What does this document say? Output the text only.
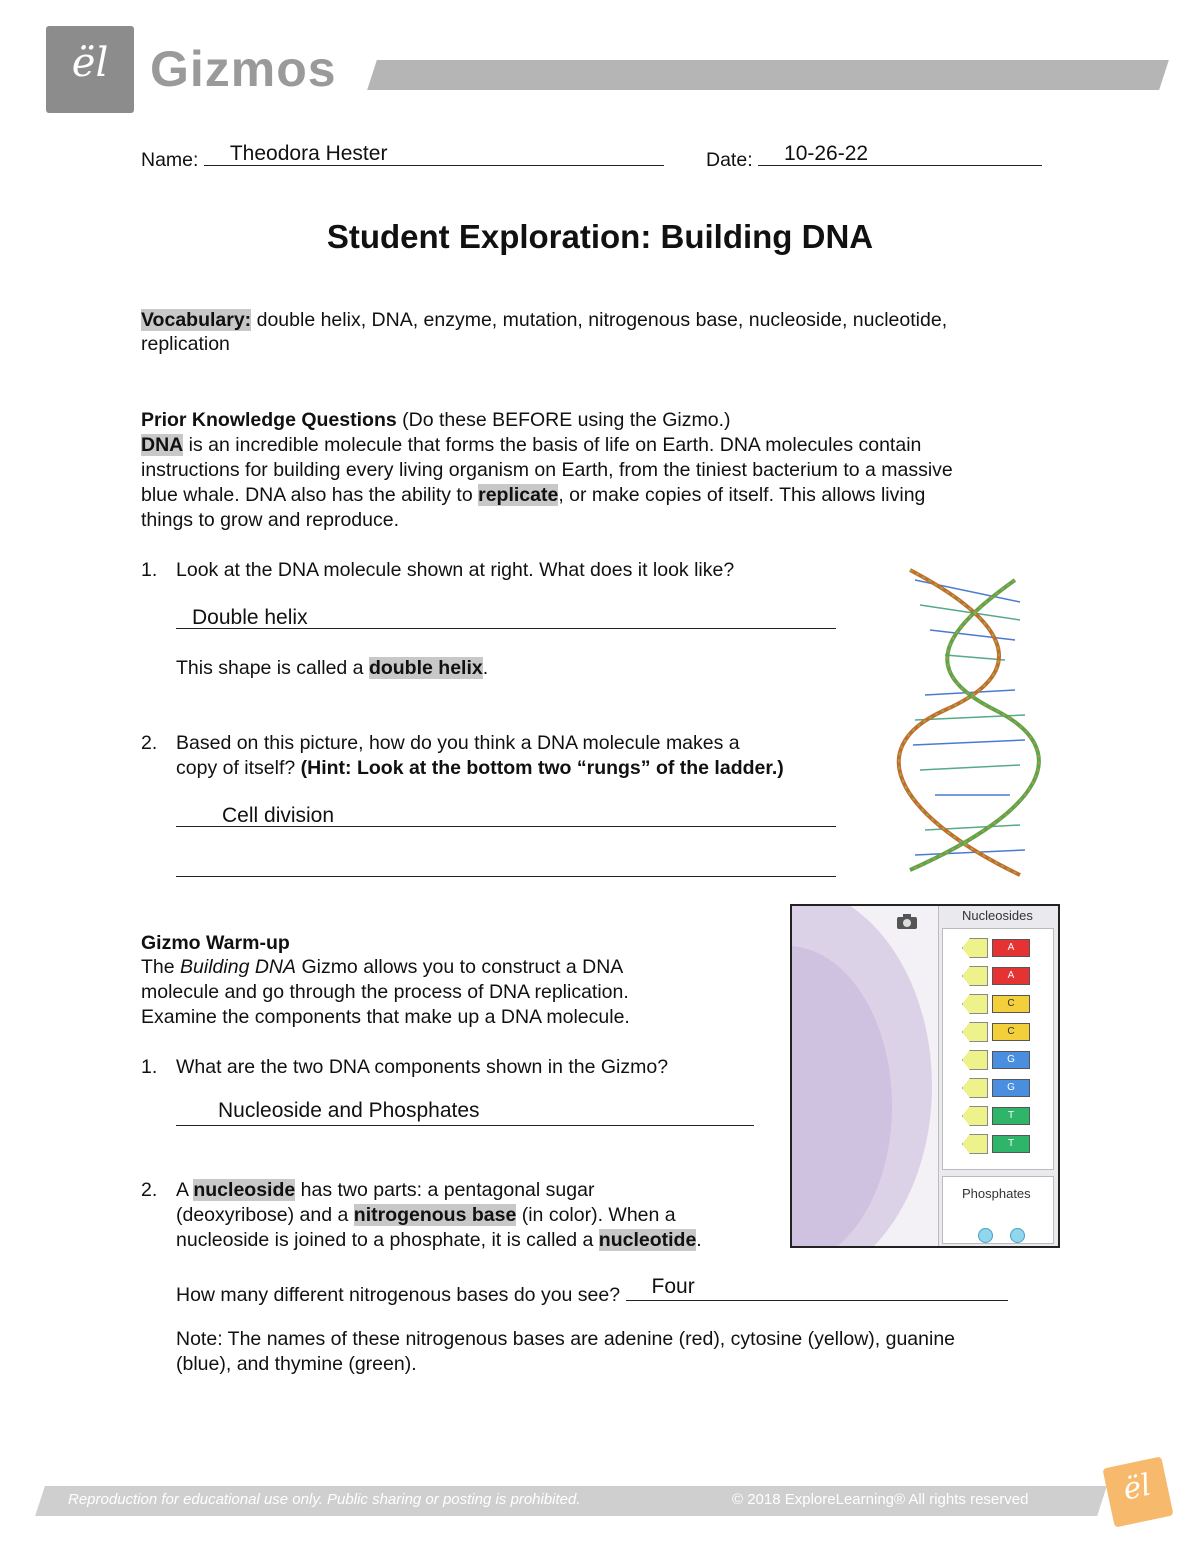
ël Gizmos
Name: Theodora Hester	Date: 10-26-22
Student Exploration: Building DNA
Vocabulary: double helix, DNA, enzyme, mutation, nitrogenous base, nucleoside, nucleotide,
replication
Prior Knowledge Questions (Do these BEFORE using the Gizmo.)
DNA is an incredible molecule that forms the basis of life on Earth. DNA molecules contain
instructions for building every living organism on Earth, from the tiniest bacterium to a massive
blue whale. DNA also has the ability to replicate, or make copies of itself. This allows living
things to grow and reproduce.
1. Look at the DNA molecule shown at right. What does it look like?
Double helix
This shape is called a double helix.
2. Based on this picture, how do you think a DNA molecule makes a
copy of itself? (Hint: Look at the bottom two “rungs” of the ladder.)
Cell division
Gizmo Warm-up
The Building DNA Gizmo allows you to construct a DNA
molecule and go through the process of DNA replication.
Examine the components that make up a DNA molecule.
1. What are the two DNA components shown in the Gizmo?
Nucleoside and Phosphates
2. A nucleoside has two parts: a pentagonal sugar
(deoxyribose) and a nitrogenous base (in color). When a
nucleoside is joined to a phosphate, it is called a nucleotide.
How many different nitrogenous bases do you see? Four
Note: The names of these nitrogenous bases are adenine (red), cytosine (yellow), guanine
(blue), and thymine (green).
Nucleosides
A
A
C
C
G
G
T
T
Phosphates
Reproduction for educational use only. Public sharing or posting is prohibited.	© 2018 ExploreLearning® All rights reserved	ël
